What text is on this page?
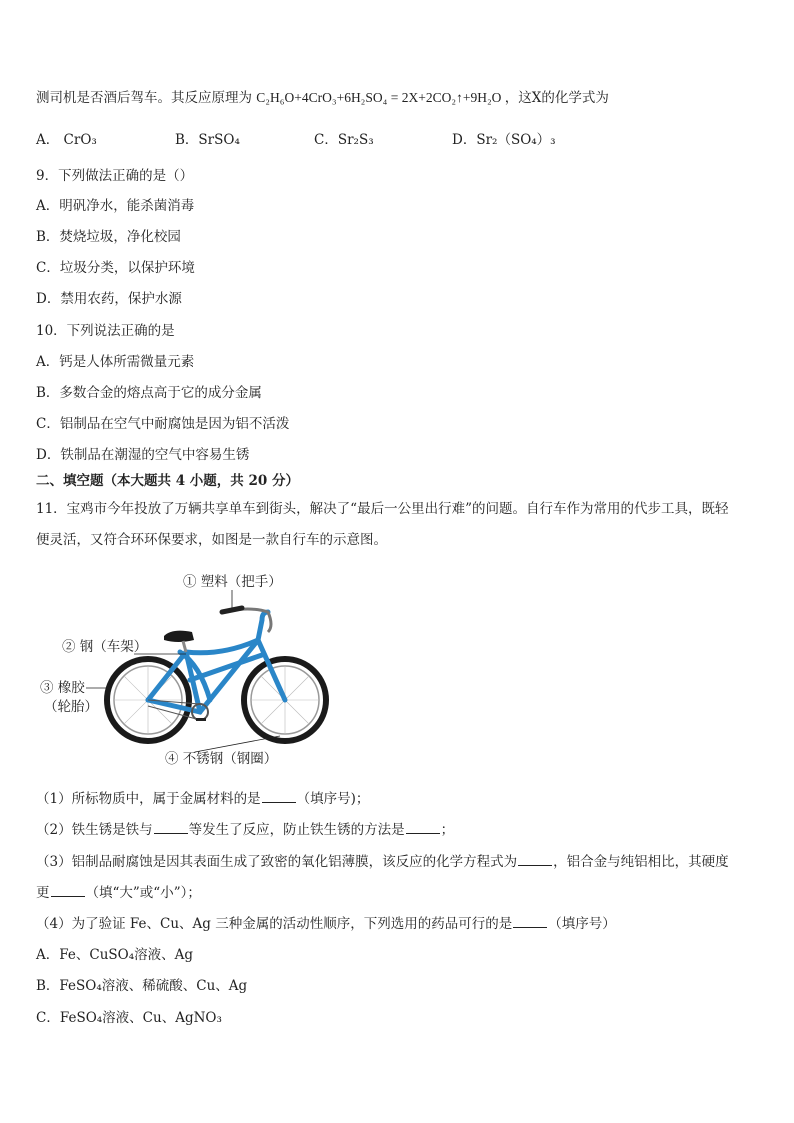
测司机是否酒后驾车。其反应原理为 C₂H₆O+4CrO₃+6H₂SO₄ = 2X+2CO₂↑+9H₂O ，这X的化学式为
A． CrO₃	B．SrSO₄	C．Sr₂S₃	D．Sr₂（SO₄）₃
9．下列做法正确的是（）
A．明矾净水，能杀菌消毒
B．焚烧垃圾，净化校园
C．垃圾分类，以保护环境
D．禁用农药，保护水源
10．下列说法正确的是
A．钙是人体所需微量元素
B．多数合金的熔点高于它的成分金属
C．铝制品在空气中耐腐蚀是因为铝不活泼
D．铁制品在潮湿的空气中容易生锈
二、填空题（本大题共 4 小题，共 20 分）
11．宝鸡市今年投放了万辆共享单车到街头，解决了“最后一公里出行难”的问题。自行车作为常用的代步工具，既轻
便灵活，又符合环环保要求，如图是一款自行车的示意图。
① 塑料（把手）
② 钢（车架）
③ 橡胶
（轮胎）
④ 不锈钢（钢圈）
（1）所标物质中，属于金属材料的是	（填序号)；
（2）铁生锈是铁与	等发生了反应，防止铁生锈的方法是	；
（3）铝制品耐腐蚀是因其表面生成了致密的氧化铝薄膜，该反应的化学方程式为	，铝合金与纯铝相比，其硬度
更	（填“大”或“小”）；
（4）为了验证 Fe、Cu、Ag 三种金属的活动性顺序，下列选用的药品可行的是	（填序号）
A．Fe、CuSO₄溶液、Ag
B．FeSO₄溶液、稀硫酸、Cu、Ag
C．FeSO₄溶液、Cu、AgNO₃
